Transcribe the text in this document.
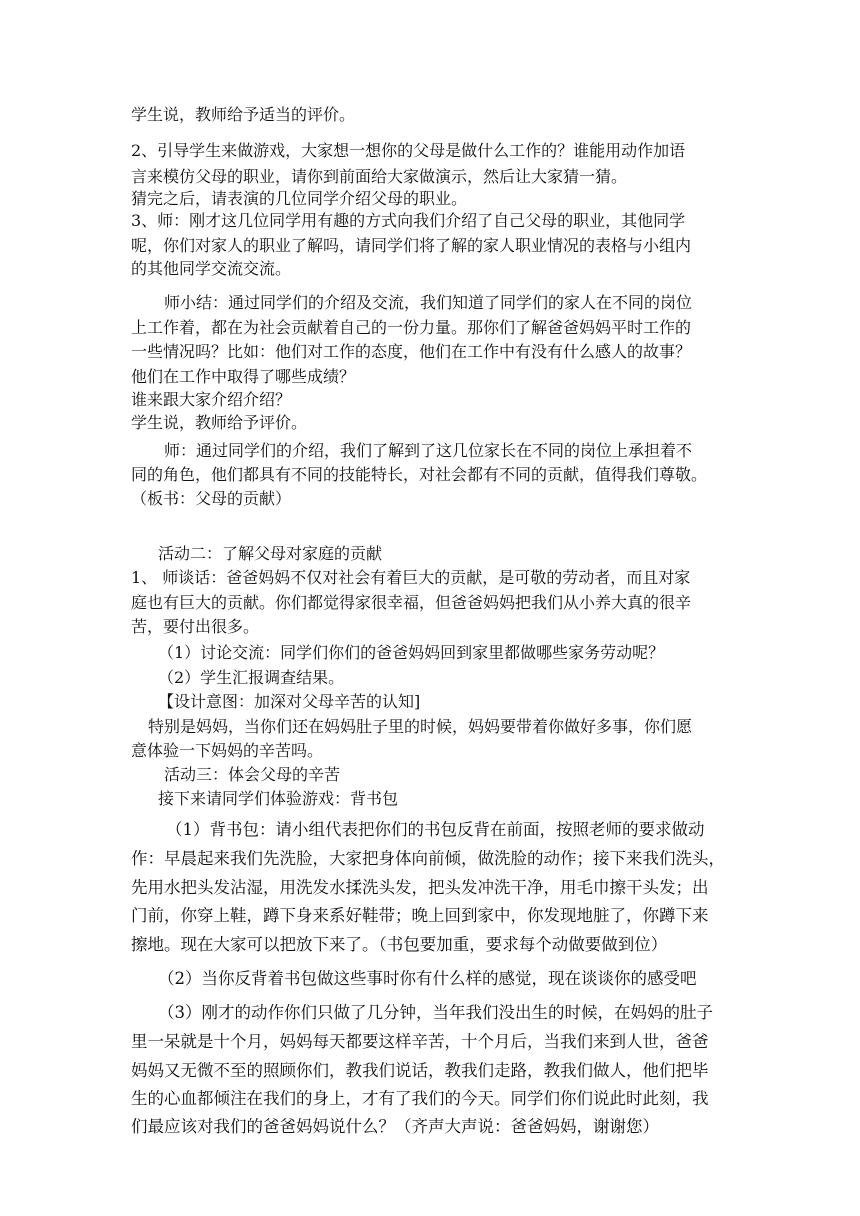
学生说，教师给予适当的评价。
2、引导学生来做游戏，大家想一想你的父母是做什么工作的？谁能用动作加语
言来模仿父母的职业，请你到前面给大家做演示，然后让大家猜一猜。
猜完之后，请表演的几位同学介绍父母的职业。
3、师：刚才这几位同学用有趣的方式向我们介绍了自己父母的职业，其他同学
呢，你们对家人的职业了解吗，请同学们将了解的家人职业情况的表格与小组内
的其他同学交流交流。
师小结：通过同学们的介绍及交流，我们知道了同学们的家人在不同的岗位
上工作着，都在为社会贡献着自己的一份力量。那你们了解爸爸妈妈平时工作的
一些情况吗？比如：他们对工作的态度，他们在工作中有没有什么感人的故事？
他们在工作中取得了哪些成绩？
谁来跟大家介绍介绍？
学生说，教师给予评价。
师：通过同学们的介绍，我们了解到了这几位家长在不同的岗位上承担着不
同的角色，他们都具有不同的技能特长，对社会都有不同的贡献，值得我们尊敬。
（板书：父母的贡献）
活动二：了解父母对家庭的贡献
1、 师谈话：爸爸妈妈不仅对社会有着巨大的贡献，是可敬的劳动者，而且对家
庭也有巨大的贡献。你们都觉得家很幸福，但爸爸妈妈把我们从小养大真的很辛
苦，要付出很多。
（1）讨论交流：同学们你们的爸爸妈妈回到家里都做哪些家务劳动呢？
（2）学生汇报调查结果。
【设计意图：加深对父母辛苦的认知]
特别是妈妈，当你们还在妈妈肚子里的时候，妈妈要带着你做好多事，你们愿
意体验一下妈妈的辛苦吗。
活动三：体会父母的辛苦
接下来请同学们体验游戏：背书包
（1）背书包：请小组代表把你们的书包反背在前面，按照老师的要求做动
作：早晨起来我们先洗脸，大家把身体向前倾，做洗脸的动作；接下来我们洗头，
先用水把头发沾湿，用洗发水揉洗头发，把头发冲洗干净，用毛巾擦干头发；出
门前，你穿上鞋，蹲下身来系好鞋带；晚上回到家中，你发现地脏了，你蹲下来
擦地。现在大家可以把放下来了。（书包要加重，要求每个动做要做到位）
（2）当你反背着书包做这些事时你有什么样的感觉，现在谈谈你的感受吧
（3）刚才的动作你们只做了几分钟，当年我们没出生的时候，在妈妈的肚子
里一呆就是十个月，妈妈每天都要这样辛苦，十个月后，当我们来到人世，爸爸
妈妈又无微不至的照顾你们，教我们说话，教我们走路，教我们做人，他们把毕
生的心血都倾注在我们的身上，才有了我们的今天。同学们你们说此时此刻，我
们最应该对我们的爸爸妈妈说什么？（齐声大声说：爸爸妈妈，谢谢您）
